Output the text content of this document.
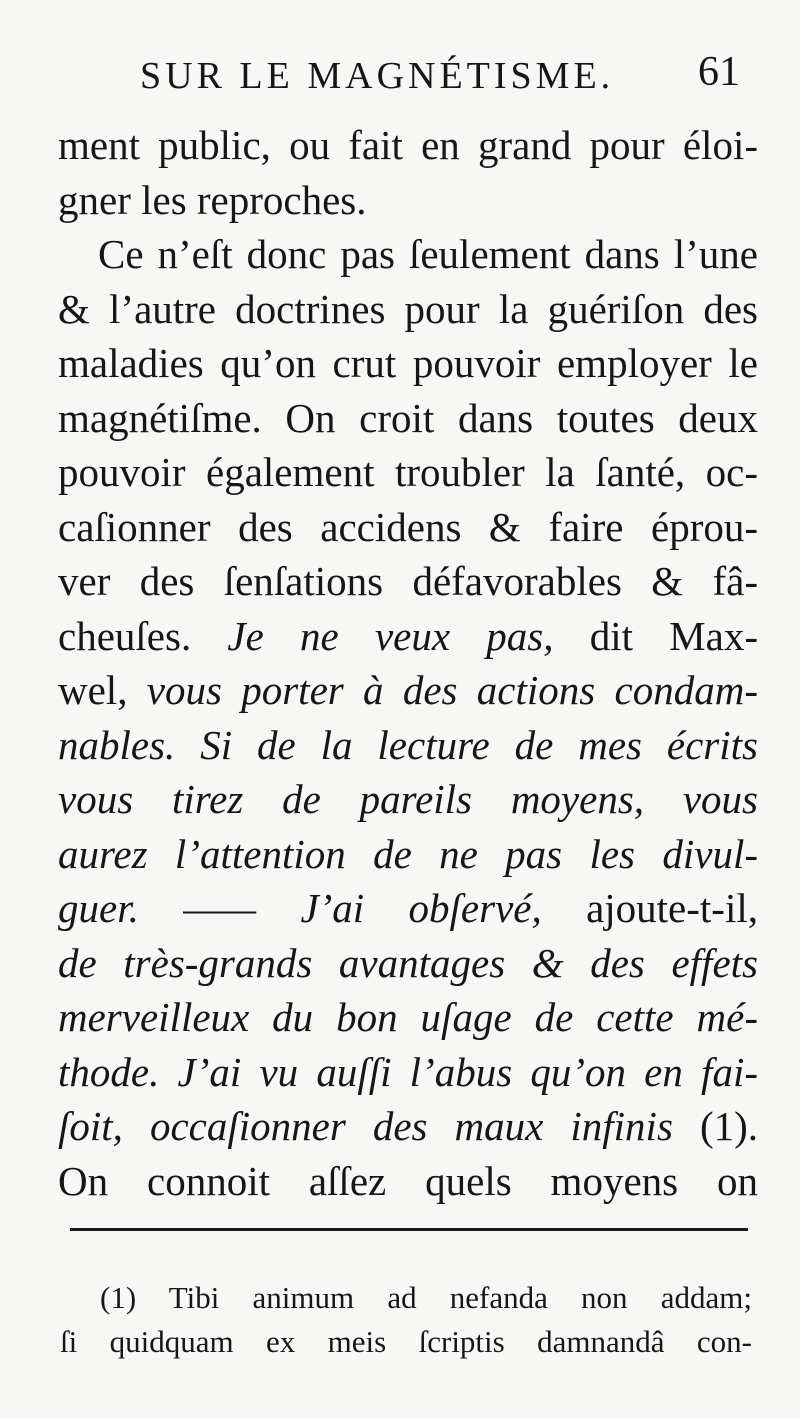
SUR LE MAGNÉTISME. 61
ment public, ou fait en grand pour éloi-
gner les reproches.
Ce n’eſt donc pas ſeulement dans l’une
& l’autre doctrines pour la guériſon des
maladies qu’on crut pouvoir employer le
magnétiſme. On croit dans toutes deux
pouvoir également troubler la ſanté, oc-
caſionner des accidens & faire éprou-
ver des ſenſations défavorables & fâ-
cheuſes. Je ne veux pas, dit Max-
wel, vous porter à des actions condam-
nables. Si de la lecture de mes écrits
vous tirez de pareils moyens, vous
aurez l’attention de ne pas les divul-
guer. —— J’ai obſervé, ajoute-t-il,
de très-grands avantages & des effets
merveilleux du bon uſage de cette mé-
thode. J’ai vu auſſi l’abus qu’on en fai-
ſoit, occaſionner des maux infinis (1).
On connoit aſſez quels moyens on
(1) Tibi animum ad nefanda non addam;
ſi quidquam ex meis ſcriptis damnandâ con-
